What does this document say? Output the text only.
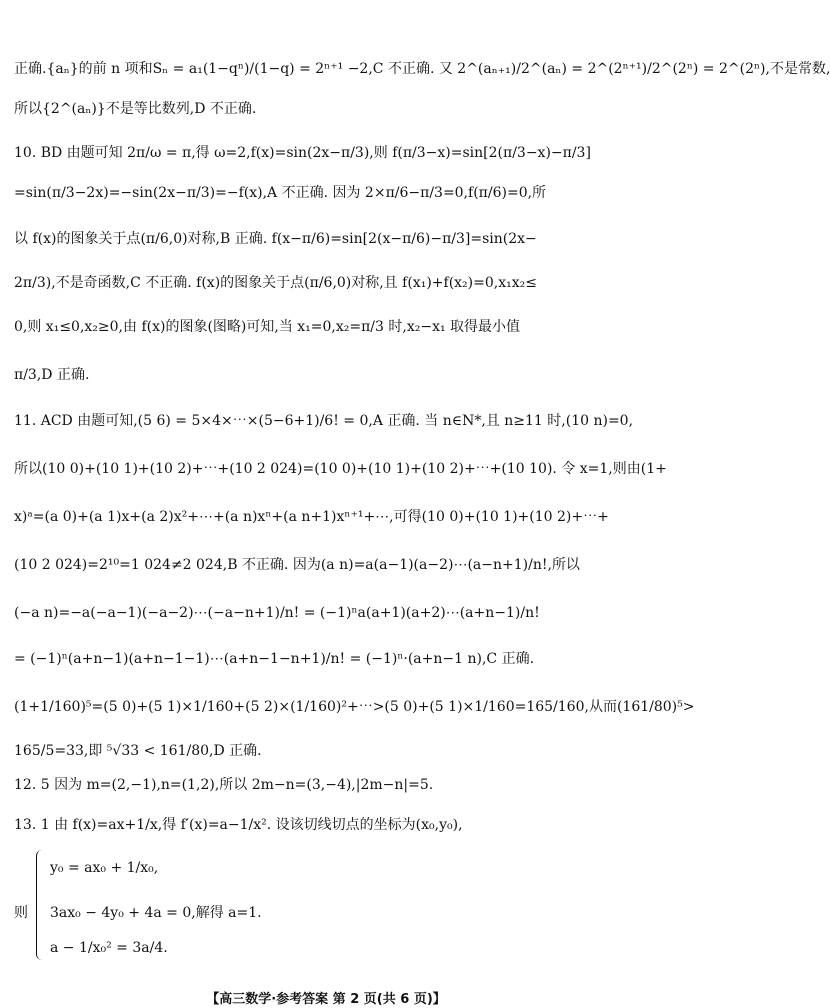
正确.{aₙ}的前 n 项和Sₙ = a₁(1−qⁿ)/(1−q) = 2ⁿ⁺¹ −2,C 不正确. 又 2^(aₙ₊₁)/2^(aₙ) = 2^(2ⁿ⁺¹)/2^(2ⁿ) = 2^(2ⁿ),不是常数,
所以{2^(aₙ)}不是等比数列,D 不正确.
10. BD 由题可知 2π/ω = π,得 ω=2,f(x)=sin(2x−π/3),则 f(π/3−x)=sin[2(π/3−x)−π/3]
=sin(π/3−2x)=−sin(2x−π/3)=−f(x),A 不正确. 因为 2×π/6−π/3=0,f(π/6)=0,所
以 f(x)的图象关于点(π/6,0)对称,B 正确. f(x−π/6)=sin[2(x−π/6)−π/3]=sin(2x−
2π/3),不是奇函数,C 不正确. f(x)的图象关于点(π/6,0)对称,且 f(x₁)+f(x₂)=0,x₁x₂≤
0,则 x₁≤0,x₂≥0,由 f(x)的图象(图略)可知,当 x₁=0,x₂=π/3 时,x₂−x₁ 取得最小值
π/3,D 正确.
11. ACD 由题可知,(5 6) = 5×4×⋯×(5−6+1)/6! = 0,A 正确. 当 n∈N*,且 n≥11 时,(10 n)=0,
所以(10 0)+(10 1)+(10 2)+⋯+(10 2 024)=(10 0)+(10 1)+(10 2)+⋯+(10 10). 令 x=1,则由(1+
x)ᵃ=(a 0)+(a 1)x+(a 2)x²+⋯+(a n)xⁿ+(a n+1)xⁿ⁺¹+⋯,可得(10 0)+(10 1)+(10 2)+⋯+
(10 2 024)=2¹⁰=1 024≠2 024,B 不正确. 因为(a n)=a(a−1)(a−2)⋯(a−n+1)/n!,所以
(−a n)=−a(−a−1)(−a−2)⋯(−a−n+1)/n! = (−1)ⁿa(a+1)(a+2)⋯(a+n−1)/n!
= (−1)ⁿ(a+n−1)(a+n−1−1)⋯(a+n−1−n+1)/n! = (−1)ⁿ·(a+n−1 n),C 正确.
(1+1/160)⁵=(5 0)+(5 1)×1/160+(5 2)×(1/160)²+⋯>(5 0)+(5 1)×1/160=165/160,从而(161/80)⁵>
165/5=33,即 ⁵√33 < 161/80,D 正确.
12. 5 因为 m=(2,−1),n=(1,2),所以 2m−n=(3,−4),|2m−n|=5.
13. 1 由 f(x)=ax+1/x,得 f′(x)=a−1/x². 设该切线切点的坐标为(x₀,y₀),
则
y₀ = ax₀ + 1/x₀,
3ax₀ − 4y₀ + 4a = 0,解得 a=1.
a − 1/x₀² = 3a/4.
【高三数学·参考答案 第 2 页(共 6 页)】
